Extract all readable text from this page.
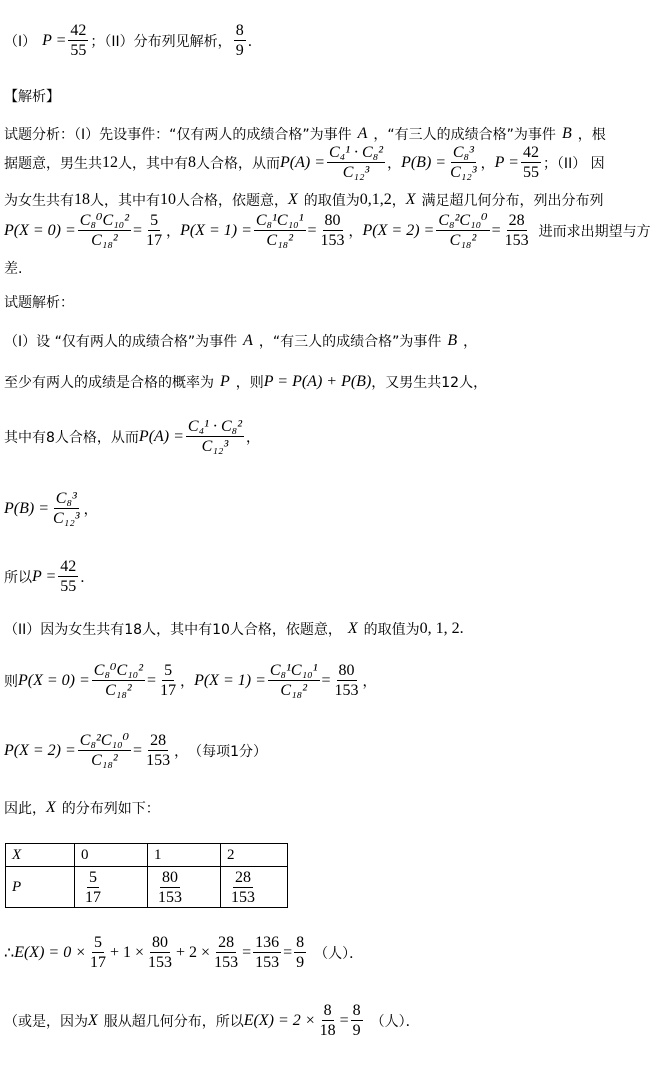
（I） $P = \frac{42}{55}$ ；（II）分布列见解析， $\frac{8}{9}$ ．
【解析】
试题分析：（I）先设事件：“仅有两人的成绩合格”为事件 A ，“有三人的成绩合格”为事件 B ，根
据题意，男生共 12 人，其中有 8 人合格，从而 $P(A) = \frac{\text{C₄¹ · C₈²}}{\text{C₁₂³}}$ ， $P(B) = \frac{\text{C₈³}}{\text{C₁₂³}}$ ， $P = \frac{42}{55}$ ；（II） 因
为女生共有 18 人，其中有 10 人合格，依题意， X 的取值为 0,1,2 ， X 满足超几何分布，列出分布列
$P(X = 0) = \frac{\text{C₈⁰C₁₀²}}{\text{C₁₈²}} = \frac{5}{17}$ ， $P(X = 1) = \frac{\text{C₈¹C₁₀¹}}{\text{C₁₈²}} = \frac{80}{153}$ ， $P(X = 2) = \frac{\text{C₈²C₁₀⁰}}{\text{C₁₈²}} = \frac{28}{153}$ 进而求出期望与方
差.
试题解析：
（I）设 “仅有两人的成绩合格”为事件 A ，“有三人的成绩合格”为事件 B ，
至少有两人的成绩是合格的概率为 P ，则 P = P(A) + P(B) ，又男生共12人，
其中有8人合格，从而 $P(A) = \frac{\text{C₄¹ · C₈²}}{\text{C₁₂³}}$ ，
$P(B) = \frac{\text{C₈³}}{\text{C₁₂³}}$ ，
所以 $P = \frac{42}{55}$ ．
（II）因为女生共有18人，其中有10人合格，依题意， X 的取值为 0, 1, 2.
则 $P(X = 0) = \frac{\text{C₈⁰C₁₀²}}{\text{C₁₈²}} = \frac{5}{17}$ ， $P(X = 1) = \frac{\text{C₈¹C₁₀¹}}{\text{C₁₈²}} = \frac{80}{153}$ ，
$P(X = 2) = \frac{\text{C₈²C₁₀⁰}}{\text{C₁₈²}} = \frac{28}{153}$ ， （每项1分）
因此， X 的分布列如下：
X	0	1	2
P	$\frac{5}{17}$	$\frac{80}{153}$	$\frac{28}{153}$
∴ $E(X) = 0 \times \frac{5}{17} + 1 \times \frac{80}{153} + 2 \times \frac{28}{153} = \frac{136}{153} = \frac{8}{9}$ （人）．
（或是，因为 X 服从超几何分布，所以 $E(X) = 2 \times \frac{8}{18} = \frac{8}{9}$ （人）．
